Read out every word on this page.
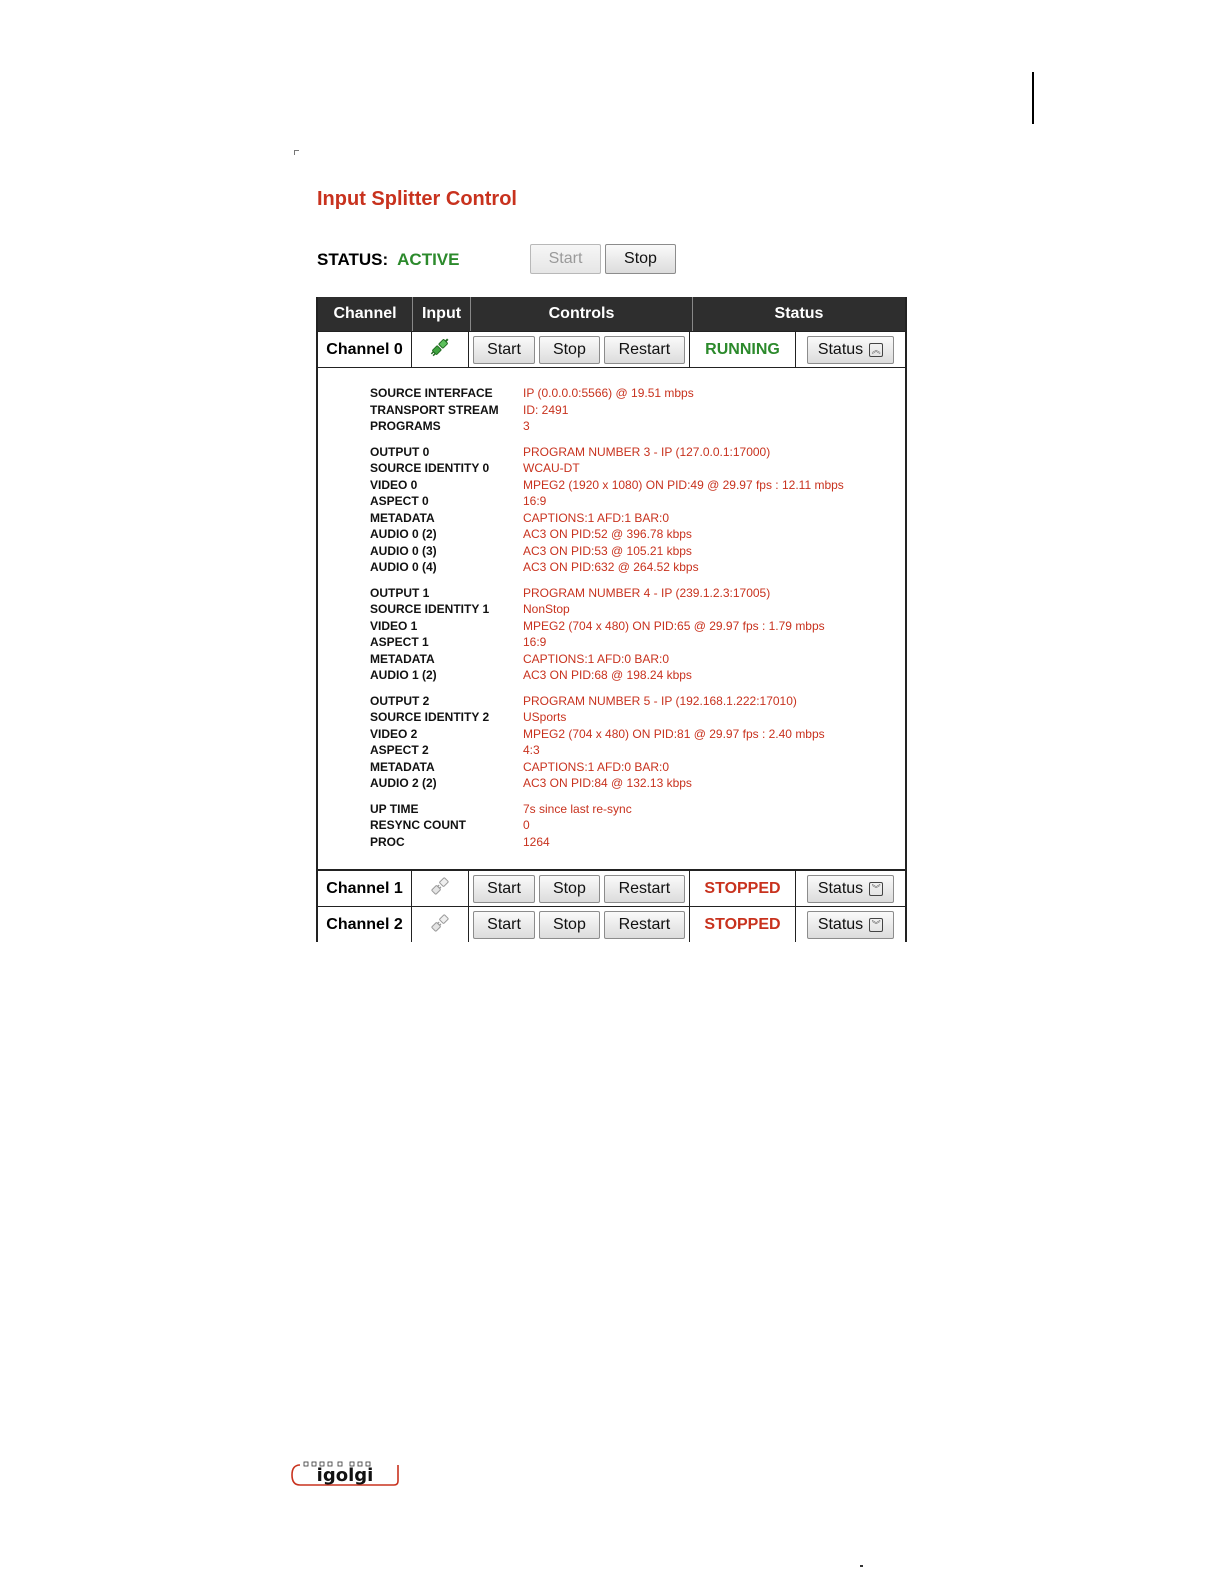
Input Splitter Control
STATUS: ACTIVE	Start	Stop
Channel	Input	Controls	Status
Channel 0	Start	Stop	Restart	RUNNING	Status ︽
SOURCE INTERFACE	IP (0.0.0.0:5566) @ 19.51 mbps
TRANSPORT STREAM	ID: 2491
PROGRAMS	3
OUTPUT 0	PROGRAM NUMBER 3 - IP (127.0.0.1:17000)
SOURCE IDENTITY 0	WCAU-DT
VIDEO 0	MPEG2 (1920 x 1080) ON PID:49 @ 29.97 fps : 12.11 mbps
ASPECT 0	16:9
METADATA	CAPTIONS:1 AFD:1 BAR:0
AUDIO 0 (2)	AC3 ON PID:52 @ 396.78 kbps
AUDIO 0 (3)	AC3 ON PID:53 @ 105.21 kbps
AUDIO 0 (4)	AC3 ON PID:632 @ 264.52 kbps
OUTPUT 1	PROGRAM NUMBER 4 - IP (239.1.2.3:17005)
SOURCE IDENTITY 1	NonStop
VIDEO 1	MPEG2 (704 x 480) ON PID:65 @ 29.97 fps : 1.79 mbps
ASPECT 1	16:9
METADATA	CAPTIONS:1 AFD:0 BAR:0
AUDIO 1 (2)	AC3 ON PID:68 @ 198.24 kbps
OUTPUT 2	PROGRAM NUMBER 5 - IP (192.168.1.222:17010)
SOURCE IDENTITY 2	USports
VIDEO 2	MPEG2 (704 x 480) ON PID:81 @ 29.97 fps : 2.40 mbps
ASPECT 2	4:3
METADATA	CAPTIONS:1 AFD:0 BAR:0
AUDIO 2 (2)	AC3 ON PID:84 @ 132.13 kbps
UP TIME	7s since last re-sync
RESYNC COUNT	0
PROC	1264
Channel 1	Start	Stop	Restart	STOPPED	Status ︾
Channel 2	Start	Stop	Restart	STOPPED	Status ︾
igolgi
